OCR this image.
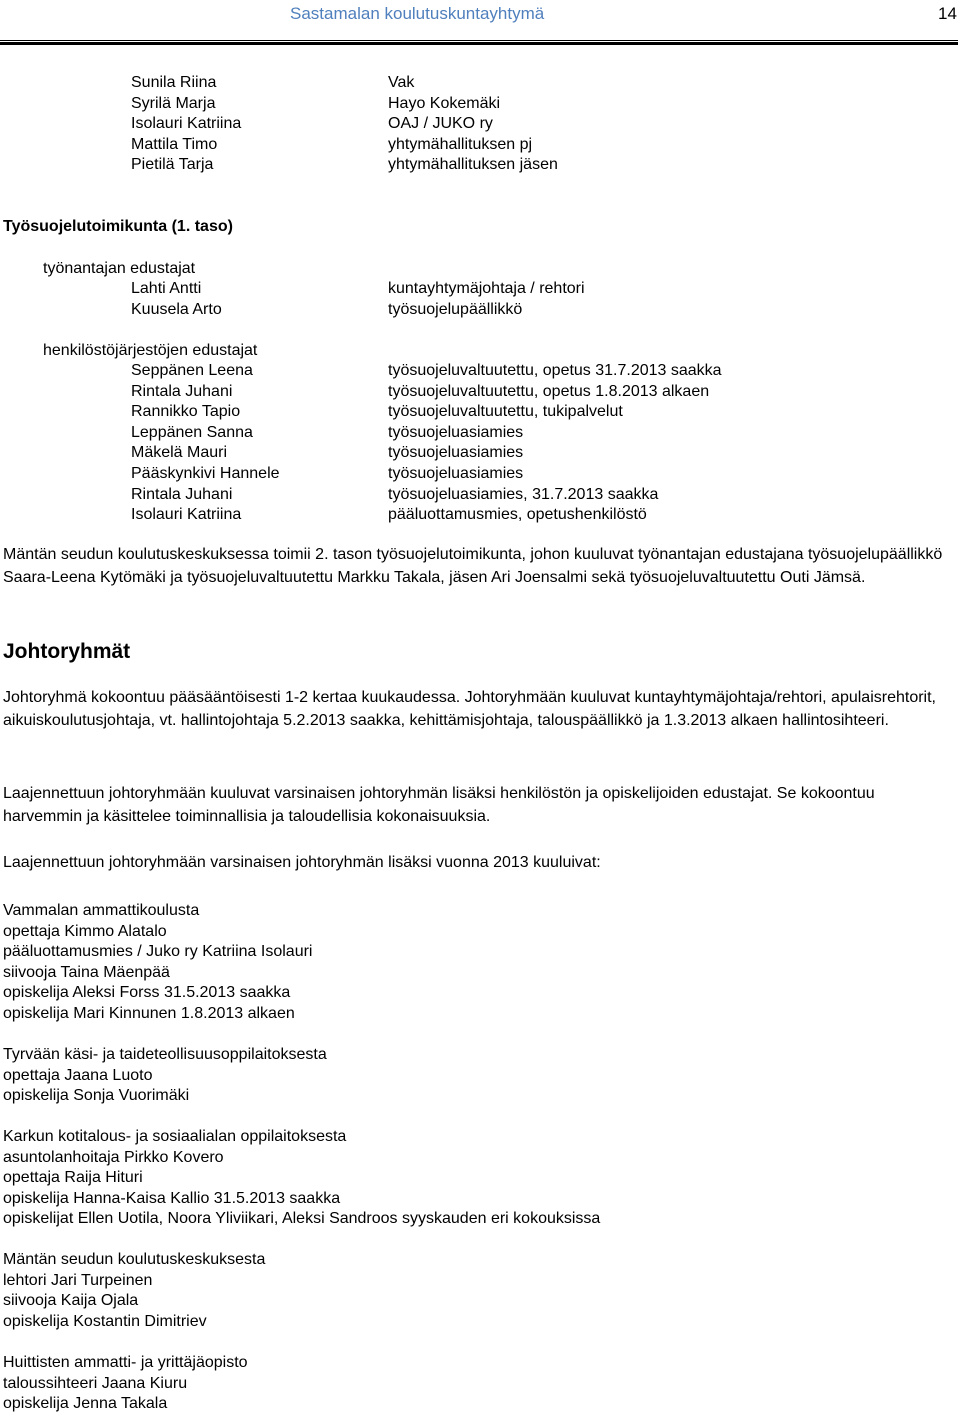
Sastamalan koulutuskuntayhtymä	14
Sunila Riina
Syrilä Marja
Isolauri Katriina
Mattila Timo
Pietilä Tarja
Vak
Hayo Kokemäki
OAJ / JUKO ry
yhtymähallituksen pj
yhtymähallituksen jäsen
Työsuojelutoimikunta (1. taso)
työnantajan edustajat
Lahti Antti
Kuusela Arto
kuntayhtymäjohtaja / rehtori
työsuojelupäällikkö
henkilöstöjärjestöjen edustajat
Seppänen Leena
Rintala Juhani
Rannikko Tapio
Leppänen Sanna
Mäkelä Mauri
Pääskynkivi Hannele
Rintala Juhani
Isolauri Katriina
työsuojeluvaltuutettu, opetus 31.7.2013 saakka
työsuojeluvaltuutettu, opetus 1.8.2013 alkaen
työsuojeluvaltuutettu, tukipalvelut
työsuojeluasiamies
työsuojeluasiamies
työsuojeluasiamies
työsuojeluasiamies, 31.7.2013 saakka
pääluottamusmies, opetushenkilöstö
Mäntän seudun koulutuskeskuksessa toimii 2. tason työsuojelutoimikunta, johon kuuluvat työnantajan edustajana työsuojelupäällikkö Saara-Leena Kytömäki ja työsuojeluvaltuutettu Markku Takala, jäsen Ari Joensalmi sekä työsuojeluvaltuutettu Outi Jämsä.
Johtoryhmät
Johtoryhmä kokoontuu pääsääntöisesti 1-2 kertaa kuukaudessa. Johtoryhmään kuuluvat kuntayhtymäjohtaja/rehtori, apulaisrehtorit, aikuiskoulutusjohtaja, vt. hallintojohtaja 5.2.2013 saakka, kehittämisjohtaja, talouspäällikkö ja 1.3.2013 alkaen hallintosihteeri.
Laajennettuun johtoryhmään kuuluvat varsinaisen johtoryhmän lisäksi henkilöstön ja opiskelijoiden edustajat. Se kokoontuu harvemmin ja käsittelee toiminnallisia ja taloudellisia kokonaisuuksia.
Laajennettuun johtoryhmään varsinaisen johtoryhmän lisäksi vuonna 2013 kuuluivat:
Vammalan ammattikoulusta
opettaja Kimmo Alatalo
pääluottamusmies / Juko ry Katriina Isolauri
siivooja Taina Mäenpää
opiskelija Aleksi Forss 31.5.2013 saakka
opiskelija Mari Kinnunen 1.8.2013 alkaen
Tyrvään käsi- ja taideteollisuusoppilaitoksesta
opettaja Jaana Luoto
opiskelija Sonja Vuorimäki
Karkun kotitalous- ja sosiaalialan oppilaitoksesta
asuntolanhoitaja Pirkko Kovero
opettaja Raija Hituri
opiskelija Hanna-Kaisa Kallio 31.5.2013 saakka
opiskelijat Ellen Uotila, Noora Yliviikari, Aleksi Sandroos syyskauden eri kokouksissa
Mäntän seudun koulutuskeskuksesta
lehtori Jari Turpeinen
siivooja Kaija Ojala
opiskelija Kostantin Dimitriev
Huittisten ammatti- ja yrittäjäopisto
taloussihteeri Jaana Kiuru
opiskelija Jenna Takala
